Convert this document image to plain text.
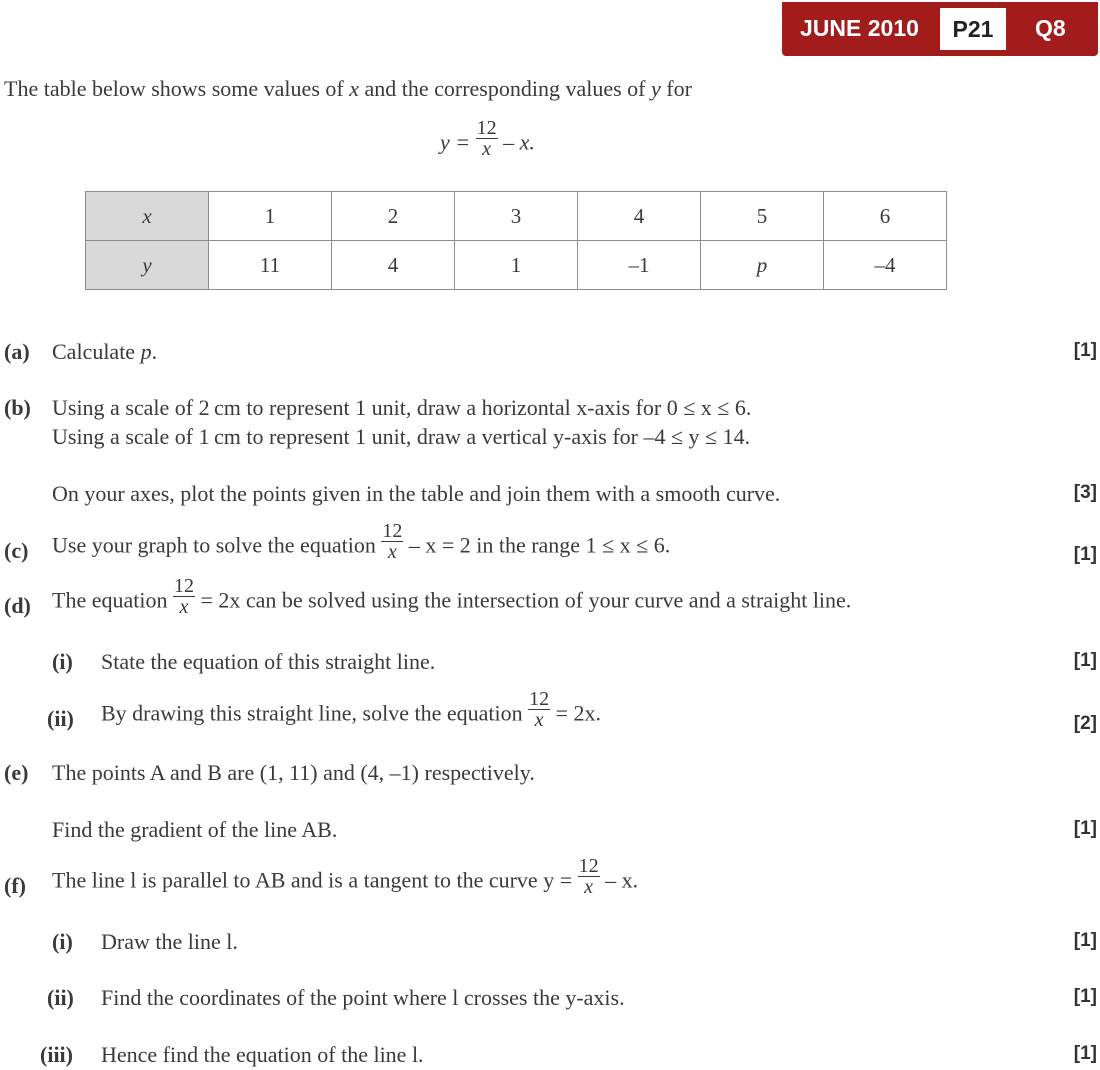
JUNE 2010	P21	Q8
The table below shows some values of x and the corresponding values of y for
$y = \frac{12}{x} - x$.
x	1	2	3	4	5	6
y	11	4	1	–1	p	–4
(a) Calculate p.	[1]
(b) Using a scale of 2 cm to represent 1 unit, draw a horizontal x-axis for 0 ≤ x ≤ 6.
Using a scale of 1 cm to represent 1 unit, draw a vertical y-axis for –4 ≤ y ≤ 14.
On your axes, plot the points given in the table and join them with a smooth curve.	[3]
(c) Use your graph to solve the equation $\frac{12}{x} - x = 2$ in the range 1 ≤ x ≤ 6.	[1]
(d) The equation $\frac{12}{x} = 2x$ can be solved using the intersection of your curve and a straight line.
(i) State the equation of this straight line.	[1]
(ii) By drawing this straight line, solve the equation $\frac{12}{x} = 2x$.	[2]
(e) The points A and B are (1, 11) and (4, –1) respectively.
Find the gradient of the line AB.	[1]
(f) The line l is parallel to AB and is a tangent to the curve $y = \frac{12}{x} - x$.
(i) Draw the line l.	[1]
(ii) Find the coordinates of the point where l crosses the y-axis.	[1]
(iii) Hence find the equation of the line l.	[1]
